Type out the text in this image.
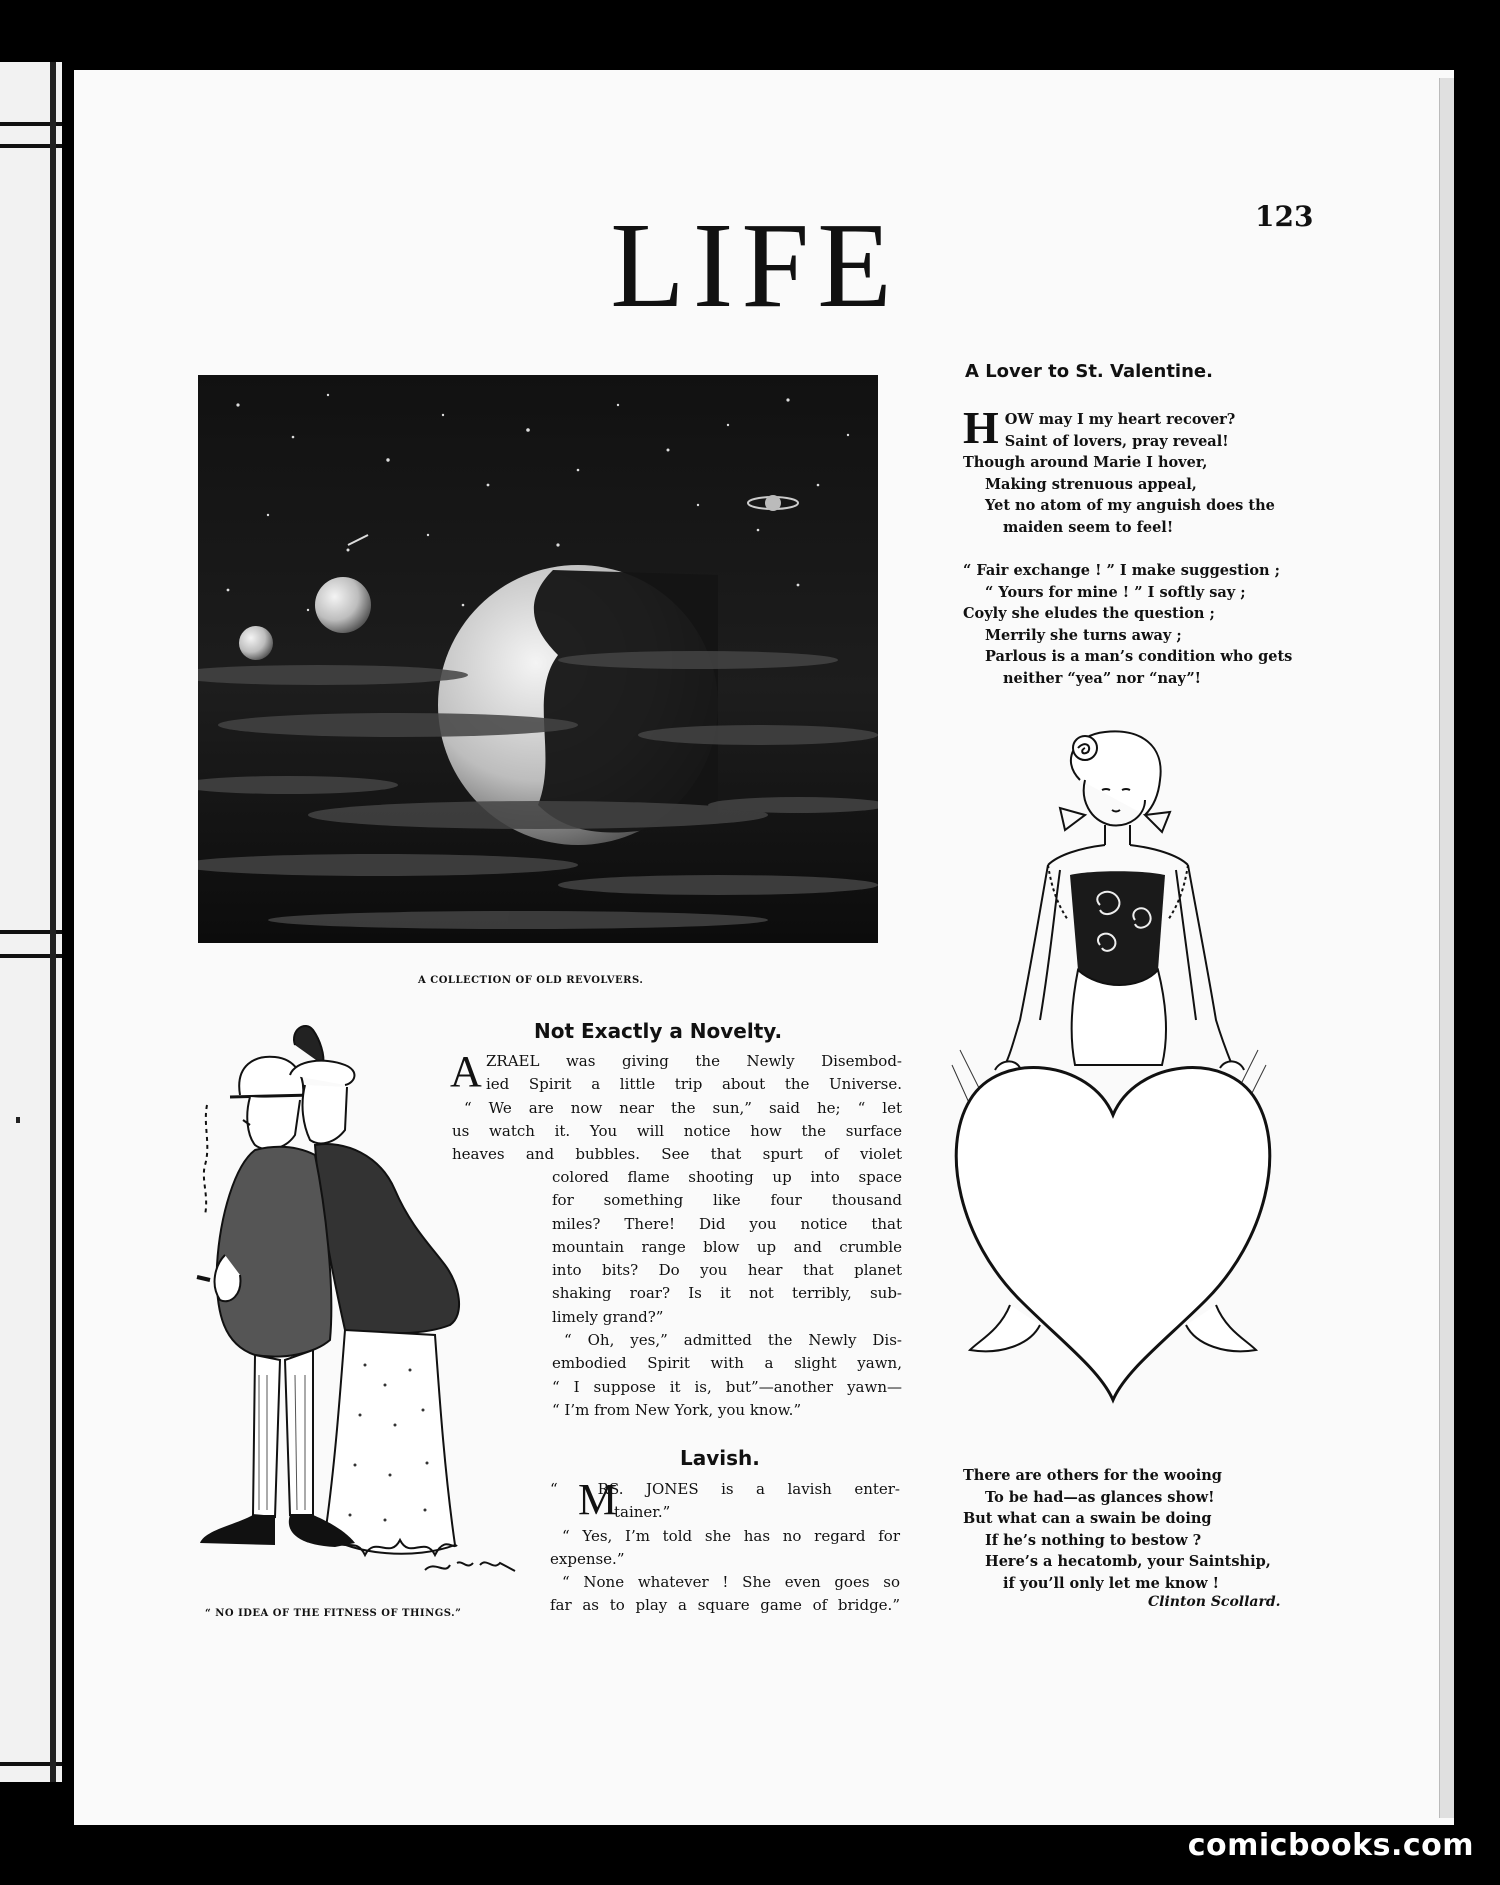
123
LIFE
A COLLECTION OF OLD REVOLVERS.
A Lover to St. Valentine.
H OW may I my heart recover?
Saint of lovers, pray reveal!
Though around Marie I hover,
Making strenuous appeal,
Yet no atom of my anguish does the
maiden seem to feel!
“ Fair exchange ! ” I make suggestion ;
“ Yours for mine ! ” I softly say ;
Coyly she eludes the question ;
Merrily she turns away ;
Parlous is a man’s condition who gets
neither “yea” nor “nay”!
There are others for the wooing
To be had—as glances show!
But what can a swain be doing
If he’s nothing to bestow ?
Here’s a hecatomb, your Saintship,
if you’ll only let me know !
Clinton Scollard.
“ NO IDEA OF THE FITNESS OF THINGS.”
Not Exactly a Novelty.
A ZRAEL was giving the Newly Disembod-
ied Spirit a little trip about the Universe.
“ We are now near the sun,” said he; “ let
us watch it. You will notice how the surface
heaves and bubbles. See that spurt of violet
colored flame shooting up into space
for something like four thousand
miles? There! Did you notice that
mountain range blow up and crumble
into bits? Do you hear that planet
shaking roar? Is it not terribly, sub-
limely grand?”
“ Oh, yes,” admitted the Newly Dis-
embodied Spirit with a slight yawn,
“ I suppose it is, but”—another yawn—
“ I’m from New York, you know.”
Lavish.
M
“	RS. JONES is a lavish enter-
tainer.”
“ Yes, I’m told she has no regard for
expense.”
“ None whatever ! She even goes so
far as to play a square game of bridge.”
comicbooks.com
